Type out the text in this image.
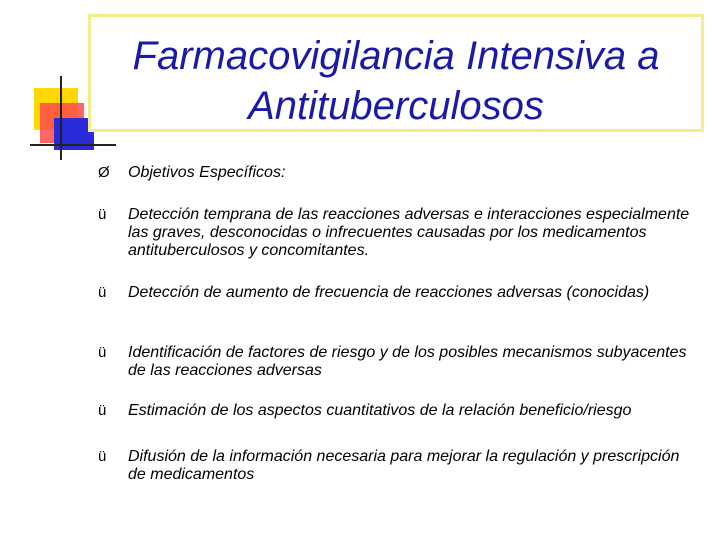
Farmacovigilancia Intensiva a
Antituberculosos
Ø Objetivos Específicos:
ü Detección temprana de las reacciones adversas e interacciones especialmente las graves, desconocidas o infrecuentes causadas por los medicamentos antituberculosos y concomitantes.
ü Detección de aumento de frecuencia de reacciones adversas (conocidas)
ü Identificación de factores de riesgo y de los posibles mecanismos subyacentes de las reacciones adversas
ü Estimación de los aspectos cuantitativos de la relación beneficio/riesgo
ü Difusión de la información necesaria para mejorar la regulación y prescripción de medicamentos
